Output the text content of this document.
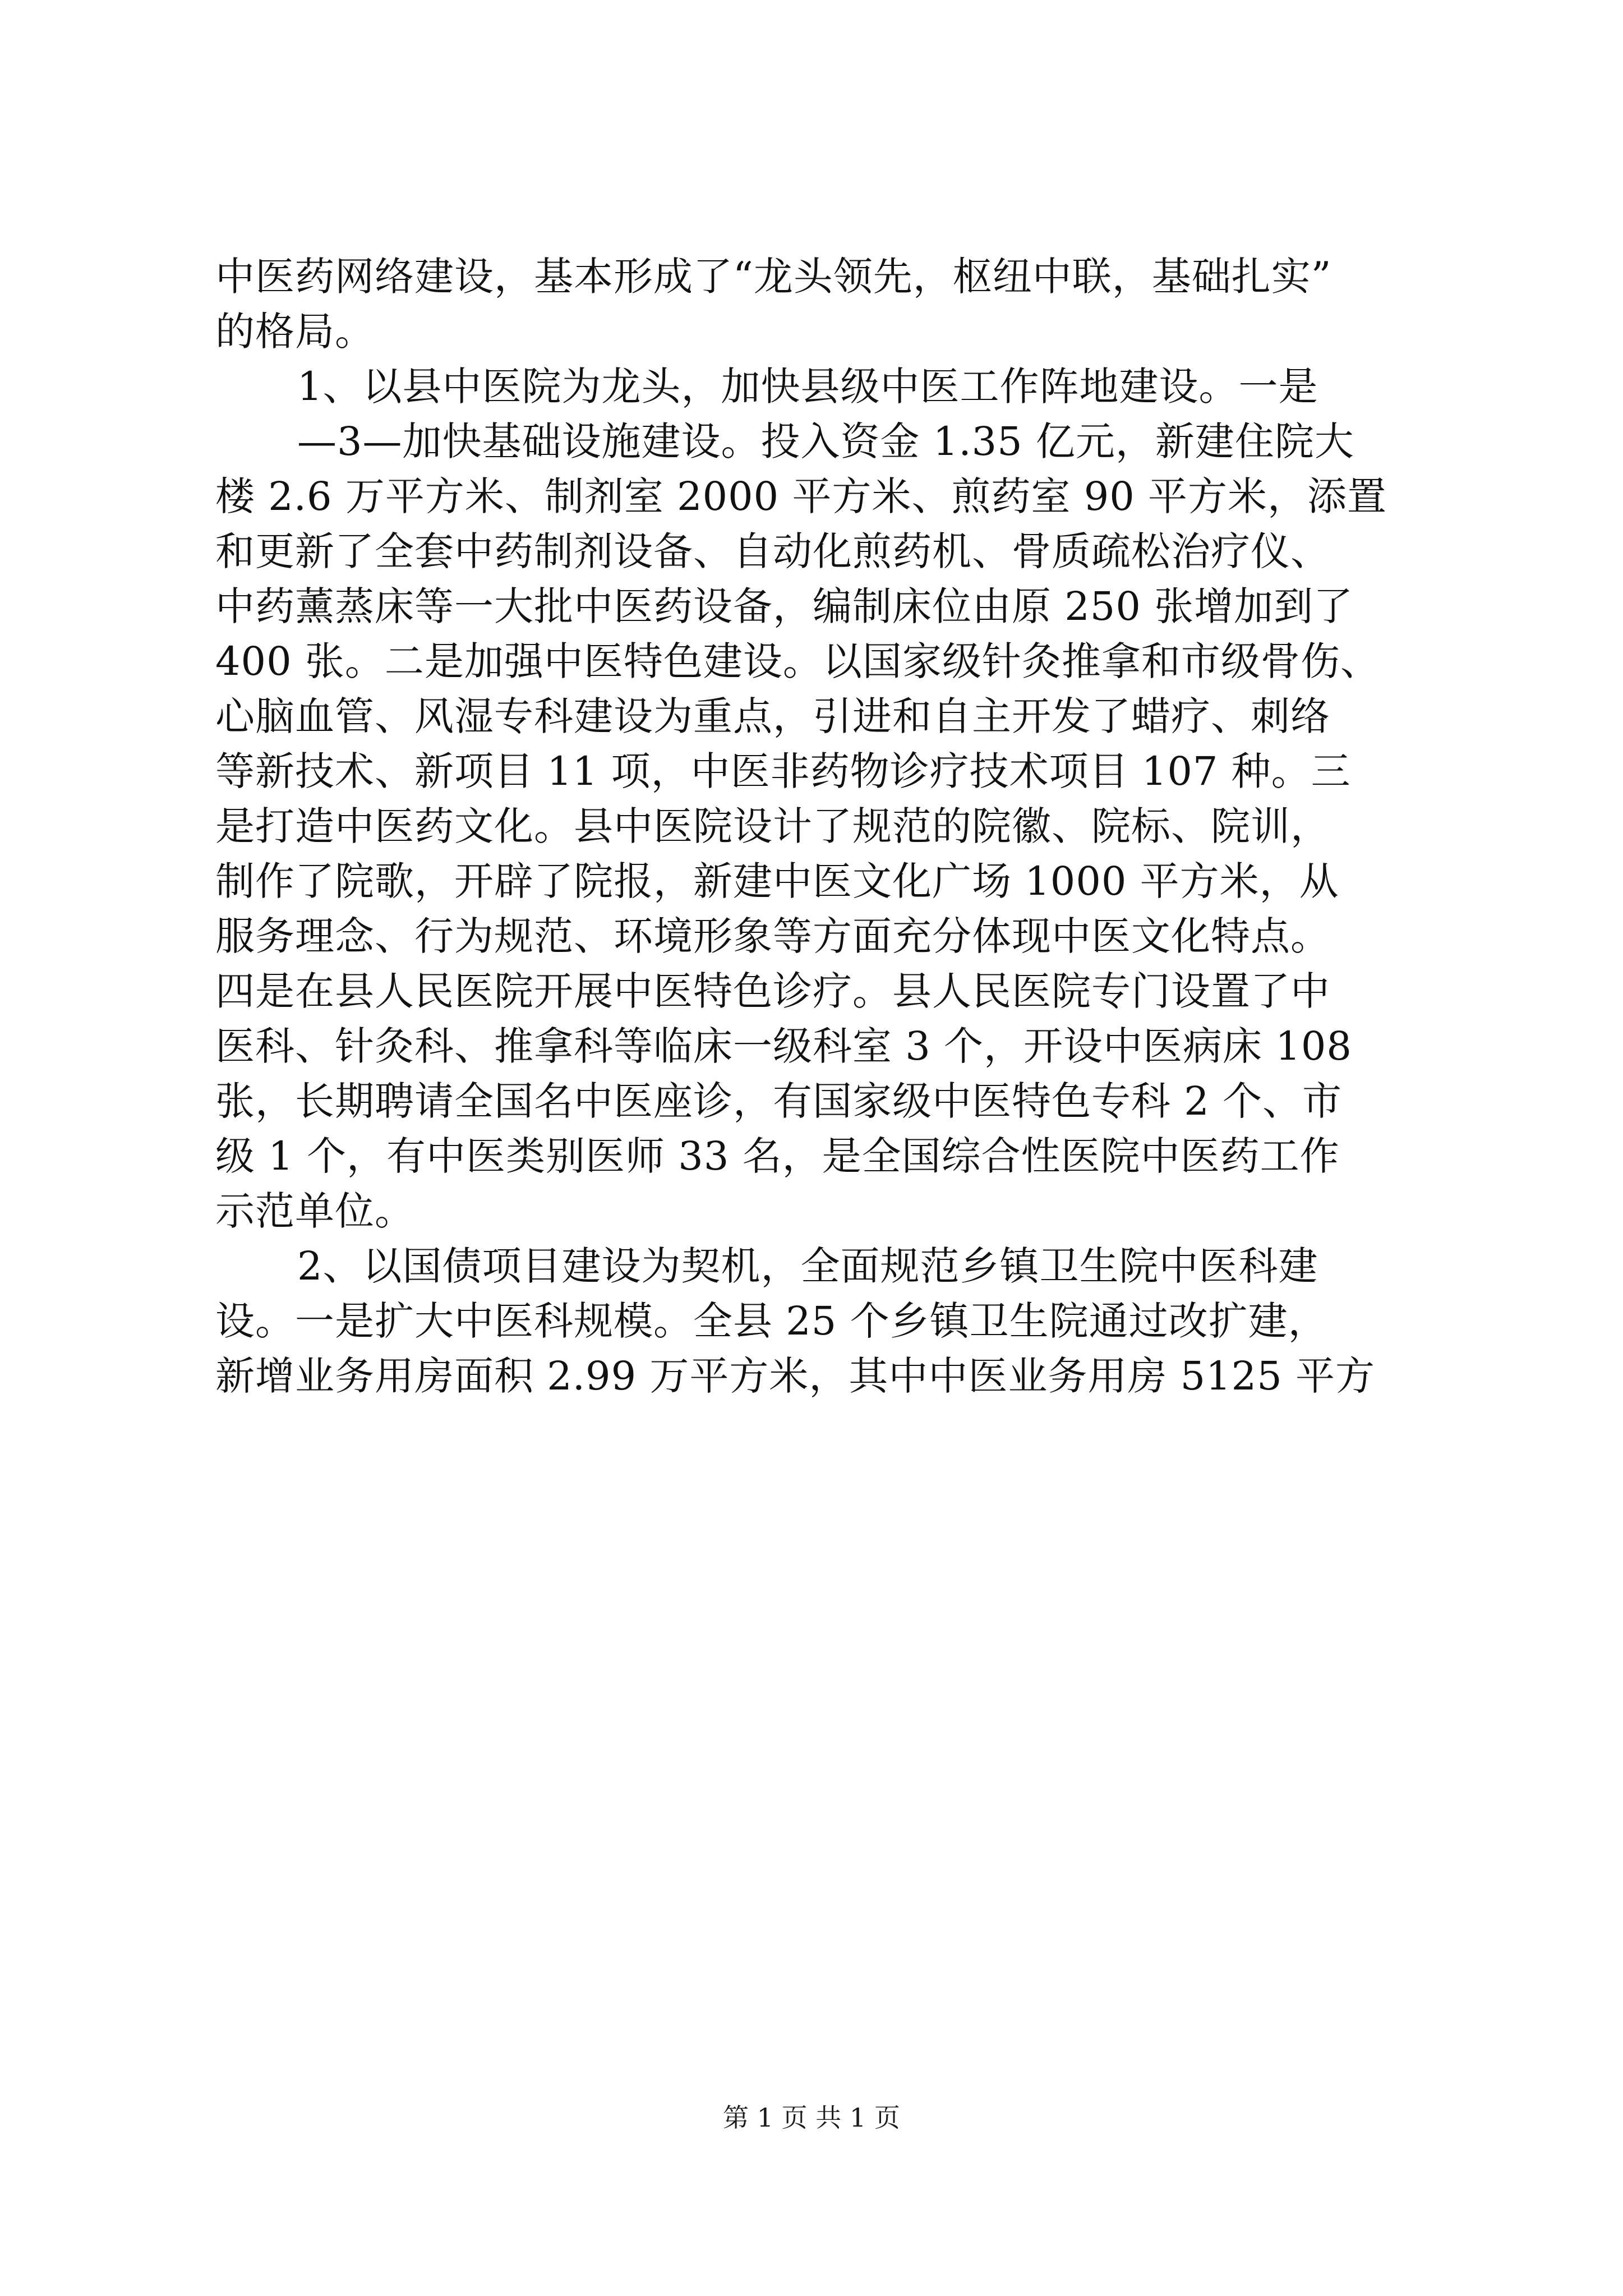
中医药网络建设，基本形成了“龙头领先，枢纽中联，基础扎实”
的格局。
1、以县中医院为龙头，加快县级中医工作阵地建设。一是
—3—加快基础设施建设。投入资金 1.35 亿元，新建住院大
楼 2.6 万平方米、制剂室 2000 平方米、煎药室 90 平方米，添置
和更新了全套中药制剂设备、自动化煎药机、骨质疏松治疗仪、
中药薰蒸床等一大批中医药设备，编制床位由原 250 张增加到了
400 张。二是加强中医特色建设。以国家级针灸推拿和市级骨伤、
心脑血管、风湿专科建设为重点，引进和自主开发了蜡疗、刺络
等新技术、新项目 11 项，中医非药物诊疗技术项目 107 种。三
是打造中医药文化。县中医院设计了规范的院徽、院标、院训，
制作了院歌，开辟了院报，新建中医文化广场 1000 平方米，从
服务理念、行为规范、环境形象等方面充分体现中医文化特点。
四是在县人民医院开展中医特色诊疗。县人民医院专门设置了中
医科、针灸科、推拿科等临床一级科室 3 个，开设中医病床 108
张，长期聘请全国名中医座诊，有国家级中医特色专科 2 个、市
级 1 个，有中医类别医师 33 名，是全国综合性医院中医药工作
示范单位。
2、以国债项目建设为契机，全面规范乡镇卫生院中医科建
设。一是扩大中医科规模。全县 25 个乡镇卫生院通过改扩建，
新增业务用房面积 2.99 万平方米，其中中医业务用房 5125 平方
第 1 页 共 1 页
